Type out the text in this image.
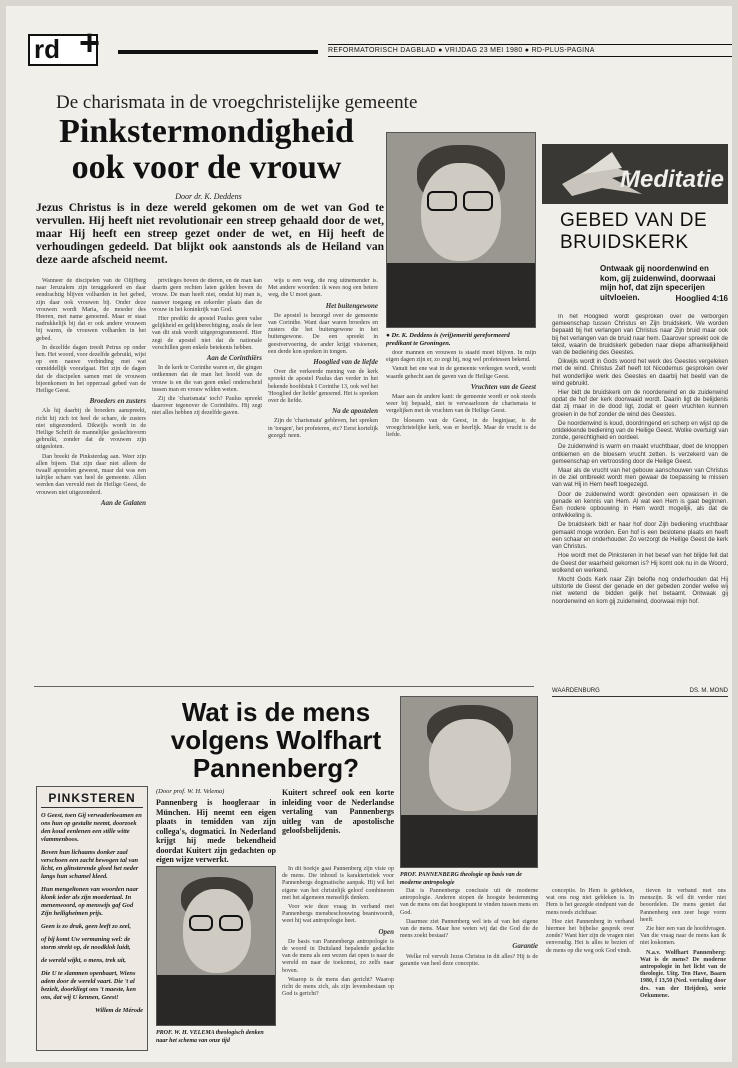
rd +	REFORMATORISCH DAGBLAD ● VRIJDAG 23 MEI 1980 ● RD-PLUS-PAGINA
De charismata in de vroegchristelijke gemeente
Pinkstermondigheid ook voor de vrouw
Door dr. K. Deddens
Jezus Christus is in deze wereld gekomen om de wet van God te vervullen. Hij heeft niet revolutionair een streep gehaald door de wet, maar Hij heeft een streep gezet onder de wet, en Hij heeft de verhoudingen gedeeld. Dat blijkt ook aanstonds als de Heiland van deze aarde afscheid neemt.

Wanneer de discipelen van de Olijfberg naar Jeruzalem zijn teruggekeerd en daar eendrachtig blijven volharden in het gebed, zijn daar ook vrouwen bij. Onder deze vrouwen wordt Maria, de moeder des Heeren, met name genoemd. Maar er staat nadrukkelijk bij dat er ook andere vrouwen bij waren, de vrouwen volharden in het gebed.

In dezelfde dagen treedt Petrus op onder hen. Het woord, voor dezelfde gebruikt, wijst op een nauwe verbinding met wat onmiddellijk voorafgaat. Het zijn de dagen dat de discipelen samen met de vrouwen bijeenkomen in het opperzaal gebed van de Heilige Geest.

Broeders en zusters

Als hij daarbij de broeders aanspreekt, richt hij zich tot heel de schare, de zusters niet uitgezonderd. Dikwijls wordt in de Heilige Schrift de mannelijke geslachtsvorm gebruikt, zonder dat de vrouwen zijn uitgesloten.

Dan breekt de Pinksterdag aan. Weer zijn allen bijeen. Dat zijn daar niet alleen de twaalf apostelen geweest, maar dat was een talrijke schare van heel de gemeente. Allen werden dan vervuld met de Heilige Geest, de vrouwen niet uitgezonderd.

Aan de Galaten

privileges boven de dieren, en de man kan daarin geen rechten laten gelden boven de vrouw. De man heeft niet, omdat hij man is, nauwer toegang en zekerder plaats dan de vrouw in het koninkrijk van God.

Hier predikt de apostel Paulus geen valse gelijkheid en gelijkberechtiging, zoals de leer van dit stuk wordt uitgeprogrammeerd. Hier zegt de apostel niet dat de nationale verschillen geen enkele betekenis hebben.

Aan de Corinthiërs

In de kerk te Corinthe waren er, die gingen ontkennen dat de man het hoofd van de vrouw is en die van geen enkel onderscheid tussen man en vrouw wilden weten.

Zij die 'charismata' toch? Paulus spreekt daarover tegenover de Corinthiërs. Hij zegt niet alles hebben zij dezelfde gaven.

wijs u een weg, die nog uitnemender is. Met andere woorden: ik wees nog een betere weg, die U moet gaan.

Het buitengewone

De apostel is bezorgd over de gemeente van Corinthe. Want daar waren broeders en zusters die het buitengewone in het buitengewone. De een spreekt in geestvervoering, de ander krijgt visioenen, een derde kon spreken in tongen.

Hooglied van de liefde

Over die verkeerde mening van de kerk spreekt de apostel Paulus dan verder in het bekende hoofdstuk I Corinthe 13, ook wel het 'Hooglied der liefde' genoemd. Het is spreken over de liefde.

Na de apostelen

Zijn de 'charismata' gebleven, het spreken in 'tongen', het profeteren, etc? Eerst kortelijk gezegd: neen.

● Dr. K. Deddens is (vrij)emeriti gereformeerd predikant te Groningen.

door mannen en vrouwen is staafd moet blijven. In mijn eigen dagen zijn er, zo zegt hij, nog wel profetessen bekend.

Vanuit het ene wat in de gemeente verkregen wordt, wordt waarde gehecht aan de gaven van de Heilige Geest.

Vruchten van de Geest

Maar aan de andere kant: de gemeente wordt er ook steeds weer bij bepaald, niet te verwaarlozen de charismata te vergelijken met de vruchten van de Heilige Geest.

De bloesem van de Geest, in de beginjaar, is de vroegchristelijke kerk, was er heerlijk. Maar de vrucht is de liefde.

Meditatie
GEBED VAN DE BRUIDSKERK
Ontwaak gij noordenwind en kom, gij zuidenwind, doorwaai mijn hof, dat zijn specerijen uitvloeien.	Hooglied 4:16

In het Hooglied wordt gesproken over de verborgen gemeenschap tussen Christus en Zijn bruidskerk. We worden bepaald bij het verlangen van Christus naar Zijn bruid maar ook bij het verlangen van de bruid naar hem. Daarover spreekt ook de tekst, waarin de bruidskerk gebeden naar diepe afhankelijkheid van de bediening des Geestes.

Dikwijls wordt in Gods woord het werk des Geestes vergeleken met de wind. Christus Zelf heeft tot Nicodemus gesproken over het wonderlijke werk des Geestes en daarbij het beeld van de wind gebruikt.

Hier bidt de bruidskerk om de noordenwind en de zuidenwind opdat de hof der kerk doorwaaid wordt. Daarin ligt de belijdenis dat zij maar in de dood ligt, zodat er geen vruchten kunnen groeien in de hof zonder de wind des Geestes.

De noordenwind is koud, doordringend en scherp en wijst op de ontdekkende bediening van de Heilige Geest. Wolke overtuigt van zonde, gerechtigheid en oordeel.

De zuidenwind is warm en maakt vruchtbaar, doet de knoppen ontkiemen en de bloesem vrucht zetten. Is verzekerd van de gemeenschap en vertroosting door de Heilige Geest.

Maar als de vrucht van het gebouw aanschouwen van Christus in de ziel ontbreekt wordt men gewaar de toepassing te missen van wat Hij in Hem heeft toegezegd.

Door de zuidenwind wordt gevonden een opwassen in de genade en kennis van Hem. Al wat een Hem is gaat beginnen. Een nodere opbouwing in Hem wordt mogelijk, als dat de ontwikkeling is.

De bruidskerk bidt er haar hof door Zijn bediening vruchtbaar gemaakt moge worden. Een hof is een beslotene plaats en heeft een schaar en onderhouder. Zo verzorgt de Heilige Geest de kerk van Christus.

Hoe wordt met de Pinksteren in het besef van het blijde feit dat de Geest der waarheid gekomen is? Hij komt ook nu in de Woord, wolkend en werkend.

Mocht Gods Kerk naar Zijn belofte nog onderhouden dat Hij uitstorte de Geest der genade en der gebeden zonder welke wij niet wetend de bidden gelijk het betaamt. Ontwaak gij noordenwind en kom gij zuidenwind, doorwaai mijn hof.

WAARDENBURG	DS. M. MOND
Wat is de mens volgens Wolfhart Pannenberg?
PROF. PANNENBERG theologie op basis van de moderne antropologie
(Door prof. W. H. Velema)
Pannenberg is hoogleraar in München. Hij neemt een eigen plaats in temidden van zijn collega's, dogmatici. In Nederland krijgt hij mede bekendheid doordat Kuitert zijn gedachten op eigen wijze verwerkt.
Kuitert schreef ook een korte inleiding voor de Nederlandse vertaling van Pannenbergs uitleg van de apostolische geloofsbelijdenis.
PROF. W. H. VELEMA theologisch denken naar het schema van onze tijd

In dit boekje gaat Pannenberg zijn visie op de mens. Die inhoud is karakteristiek voor Pannenbergs dogmatische aanpak. Hij wil het eigene van het christelijk geloof combineren met het algemeen menselijk denken.

Voor wie deze vraag in verband met Pannenbergs mensbeschouwing beantwoordt, weet hij wat antropologie heet.

Open

De basis van Pannenbergs antropologie is de woord in Duitsland bepalende gedachte van de mens als een wezen dat open is naar de wereld en naar de toekomst, zo zelfs naar boven.

Waarop is de mens dan gericht? Waarop richt de mens zich, als zijn levensbestaan op God is gericht?

Dat is Pannenbergs conclusie uit de moderne antropologie. Anderen stopen de hoogste bestemming van de mens om dat hoogtepunt te vinden tussen mens en God.

Daarmee ziet Pannenberg wel iets af van het eigene van de mens. Maar hoe weten wij dat die God die de mens zoekt bestaat?

Garantie

Welke rol vervult Jezus Christus in dit alles? Hij is de garantie van heel deze conceptie.

conceptie. In Hem is gebleken, wat ons nog niet gebleken is. In Hem is het gezegde eindpunt van de mens reeds zichtbaar.

Hoe ziet Pannenberg in verband hiermee het bijbelse gesprek over zonde? Want hier zijn de vragen niet eenvoudig. Het is alles te bezien of de mens op die weg ook God vindt.

tieven in verband met ons menszijn. Ik wil dit verder niet beoordelen. De mens geniet dat Pannenberg een zeer hoge vorm heeft.

Zie hier een van de hoofdvragen. Van die vraag naar de mens kan ik niet loskomen.

N.a.v. Wolfhart Pannenberg: Wat is de mens? De moderne antropologie in het licht van de theologie. Uitg. Ten Have, Baarn 1980, f 13,50 (Ned. vertaling door drs. van der Heijden), serie Oekumene.

PINKSTEREN

O Geest, toen Gij verwaderkwamen en ons hun op gestalte neemt, doorzoek den koud eenlenen een stille witte vlammenboos.

Boven hun lichaams donker zaal verschoen een zacht bewogen tal van licht, en glinsterende gloed het neder langs hun schamel kleed.

Hun mengeltonen van woorden naar klonk ieder als zijn moedertaal. In menenwoord, op menswijs gaf God Zijn heiligheimen prijs.

Geen is zo druk, geen leeft zo zeel,

of bij komt Uw vermaning wel: de storm strekt op, de noodklok luidt,

de wereld wijkt, o mens, trek uit,

Die U te slammen openbaart, Wiens adem door de wereld vaart. Die 't al bezielt, doorkliegt ons 't maeste, ken ons, dat wij U kennen, Geest!

Willem de Mérode
